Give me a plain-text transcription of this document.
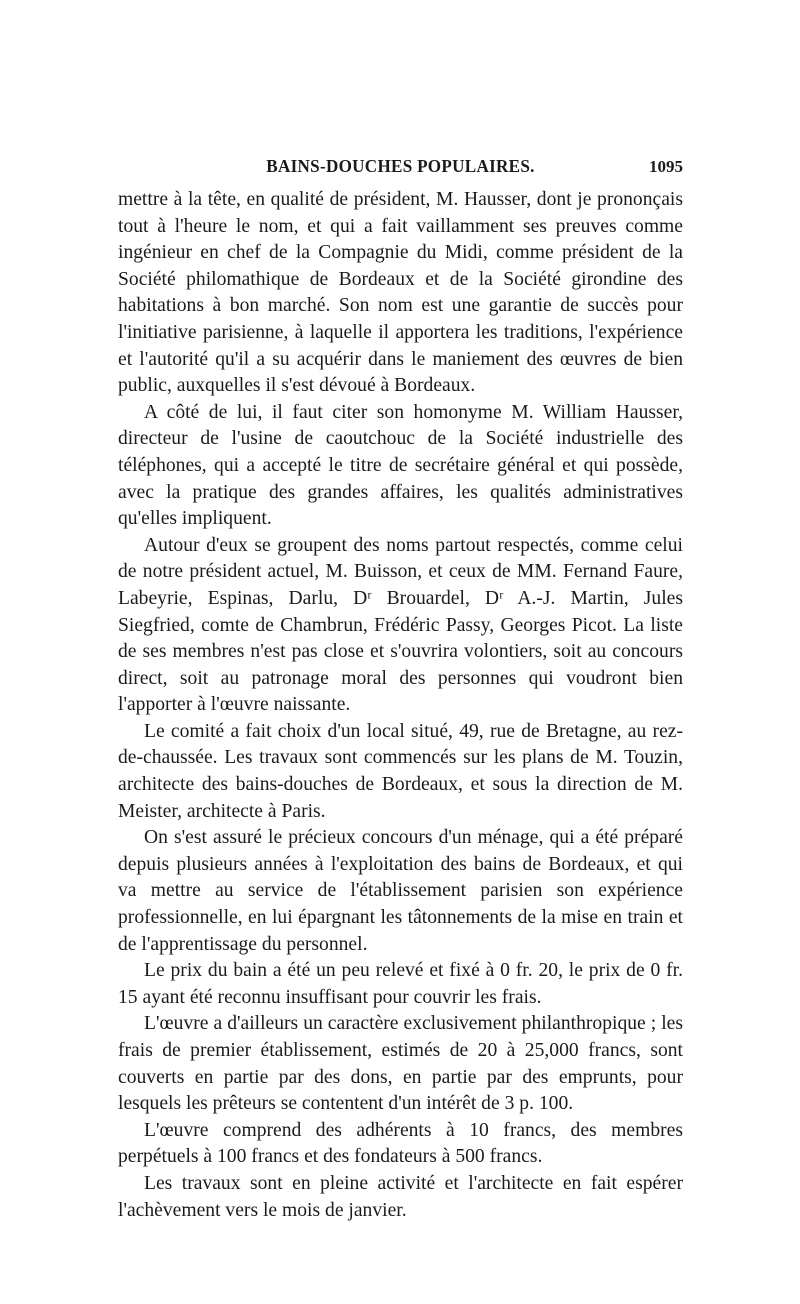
BAINS-DOUCHES POPULAIRES.	1095

mettre à la tête, en qualité de président, M. Hausser, dont je prononçais tout à l'heure le nom, et qui a fait vaillamment ses preuves comme ingénieur en chef de la Compagnie du Midi, comme président de la Société philomathique de Bordeaux et de la Société girondine des habitations à bon marché. Son nom est une garantie de succès pour l'initiative parisienne, à laquelle il apportera les traditions, l'expérience et l'autorité qu'il a su acquérir dans le maniement des œuvres de bien public, auxquelles il s'est dévoué à Bordeaux.

A côté de lui, il faut citer son homonyme M. William Hausser, directeur de l'usine de caoutchouc de la Société industrielle des téléphones, qui a accepté le titre de secrétaire général et qui possède, avec la pratique des grandes affaires, les qualités administratives qu'elles impliquent.

Autour d'eux se groupent des noms partout respectés, comme celui de notre président actuel, M. Buisson, et ceux de MM. Fernand Faure, Labeyrie, Espinas, Darlu, Dʳ Brouardel, Dʳ A.-J. Martin, Jules Siegfried, comte de Chambrun, Frédéric Passy, Georges Picot. La liste de ses membres n'est pas close et s'ouvrira volontiers, soit au concours direct, soit au patronage moral des personnes qui voudront bien l'apporter à l'œuvre naissante.

Le comité a fait choix d'un local situé, 49, rue de Bretagne, au rez-de-chaussée. Les travaux sont commencés sur les plans de M. Touzin, architecte des bains-douches de Bordeaux, et sous la direction de M. Meister, architecte à Paris.

On s'est assuré le précieux concours d'un ménage, qui a été préparé depuis plusieurs années à l'exploitation des bains de Bordeaux, et qui va mettre au service de l'établissement parisien son expérience professionnelle, en lui épargnant les tâtonnements de la mise en train et de l'apprentissage du personnel.

Le prix du bain a été un peu relevé et fixé à 0 fr. 20, le prix de 0 fr. 15 ayant été reconnu insuffisant pour couvrir les frais.

L'œuvre a d'ailleurs un caractère exclusivement philanthropique ; les frais de premier établissement, estimés de 20 à 25,000 francs, sont couverts en partie par des dons, en partie par des emprunts, pour lesquels les prêteurs se contentent d'un intérêt de 3 p. 100.

L'œuvre comprend des adhérents à 10 francs, des membres perpétuels à 100 francs et des fondateurs à 500 francs.

Les travaux sont en pleine activité et l'architecte en fait espérer l'achèvement vers le mois de janvier.
